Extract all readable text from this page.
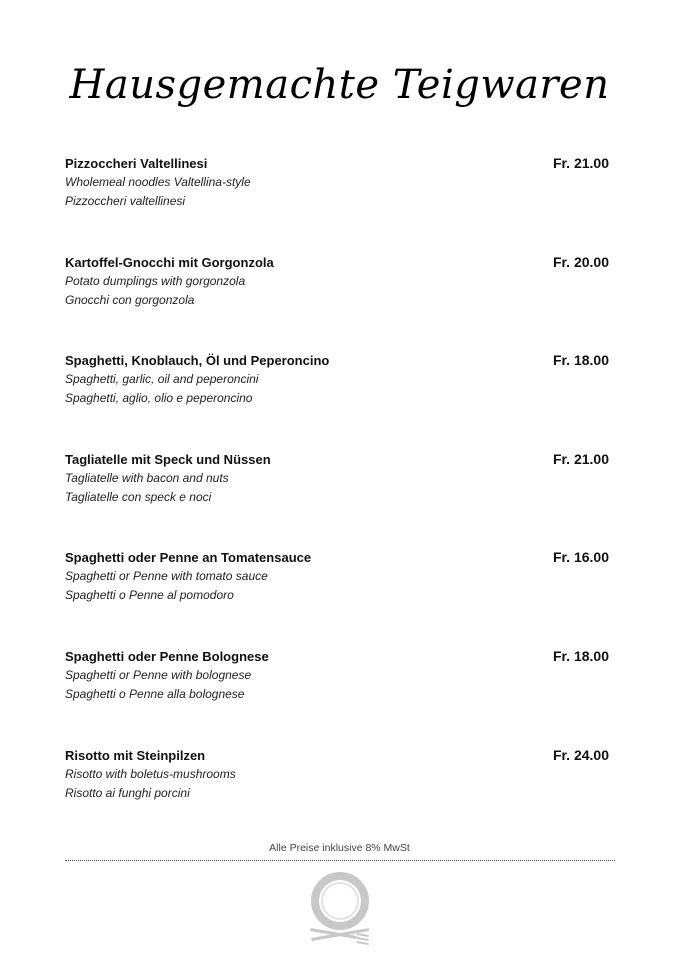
Hausgemachte Teigwaren
Pizzoccheri Valtellinesi	Fr. 21.00
Wholemeal noodles Valtellina-style
Pizzoccheri valtellinesi
Kartoffel-Gnocchi mit Gorgonzola	Fr. 20.00
Potato dumplings with gorgonzola
Gnocchi con gorgonzola
Spaghetti, Knoblauch, Öl und Peperoncino	Fr. 18.00
Spaghetti, garlic, oil and peperoncini
Spaghetti, aglio, olio e peperoncino
Tagliatelle mit Speck und Nüssen	Fr. 21.00
Tagliatelle with bacon and nuts
Tagliatelle con speck e noci
Spaghetti oder Penne an Tomatensauce	Fr. 16.00
Spaghetti or Penne with tomato sauce
Spaghetti o Penne al pomodoro
Spaghetti oder Penne Bolognese	Fr. 18.00
Spaghetti or Penne with bolognese
Spaghetti o Penne alla bolognese
Risotto mit Steinpilzen	Fr. 24.00
Risotto with boletus-mushrooms
Risotto ai funghi porcini
Alle Preise inklusive 8% MwSt
